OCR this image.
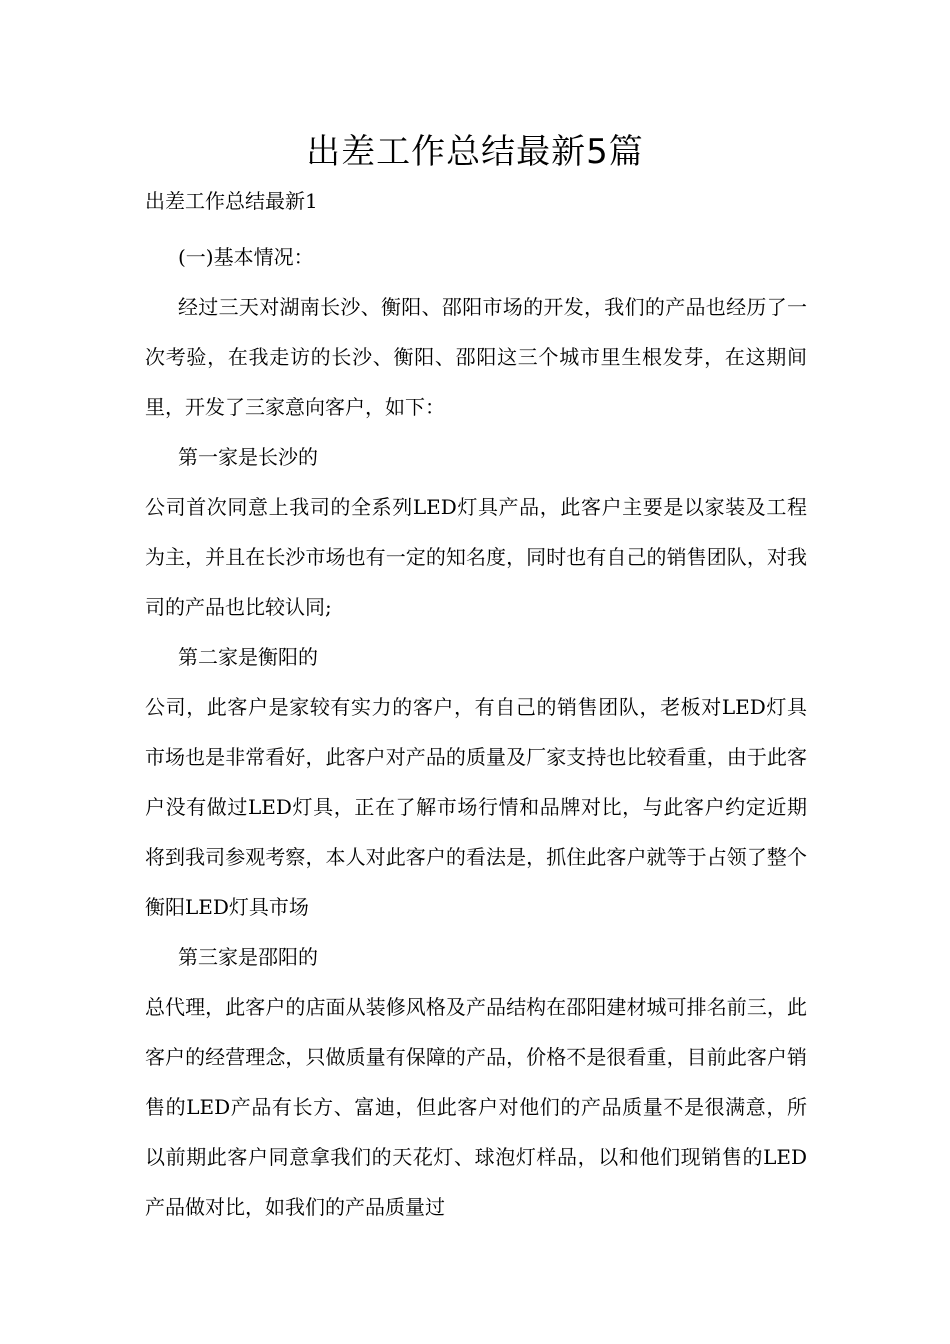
出差工作总结最新5篇
出差工作总结最新1

(一)基本情况：

经过三天对湖南长沙、衡阳、邵阳市场的开发，我们的产品也经历了一次考验，在我走访的长沙、衡阳、邵阳这三个城市里生根发芽，在这期间里，开发了三家意向客户，如下：

第一家是长沙的

公司首次同意上我司的全系列LED灯具产品，此客户主要是以家装及工程为主，并且在长沙市场也有一定的知名度，同时也有自己的销售团队，对我司的产品也比较认同;

第二家是衡阳的

公司，此客户是家较有实力的客户，有自己的销售团队，老板对LED灯具市场也是非常看好，此客户对产品的质量及厂家支持也比较看重，由于此客户没有做过LED灯具，正在了解市场行情和品牌对比，与此客户约定近期将到我司参观考察，本人对此客户的看法是，抓住此客户就等于占领了整个衡阳LED灯具市场

第三家是邵阳的

总代理，此客户的店面从装修风格及产品结构在邵阳建材城可排名前三，此客户的经营理念，只做质量有保障的产品，价格不是很看重，目前此客户销售的LED产品有长方、富迪，但此客户对他们的产品质量不是很满意，所以前期此客户同意拿我们的天花灯、球泡灯样品，以和他们现销售的LED产品做对比，如我们的产品质量过
